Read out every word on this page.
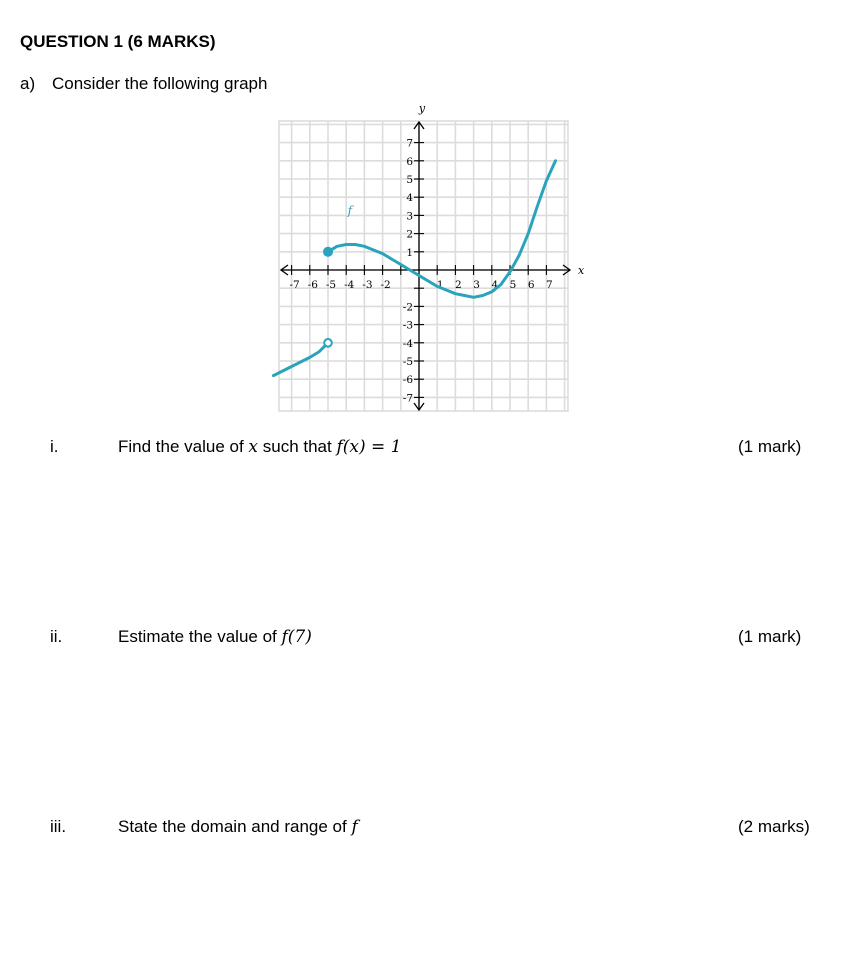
QUESTION 1 (6 MARKS)
a) Consider the following graph
x
y
-7 -6 -5 -4 -3 -2	1 2 3 4 5 6 7
7
6
5
4
3
2
1
-2
-3
-4
-5
-6
-7
f
i.	Find the value of x such that f(x) = 1	(1 mark)
ii.	Estimate the value of f(7)	(1 mark)
iii.	State the domain and range of f	(2 marks)
